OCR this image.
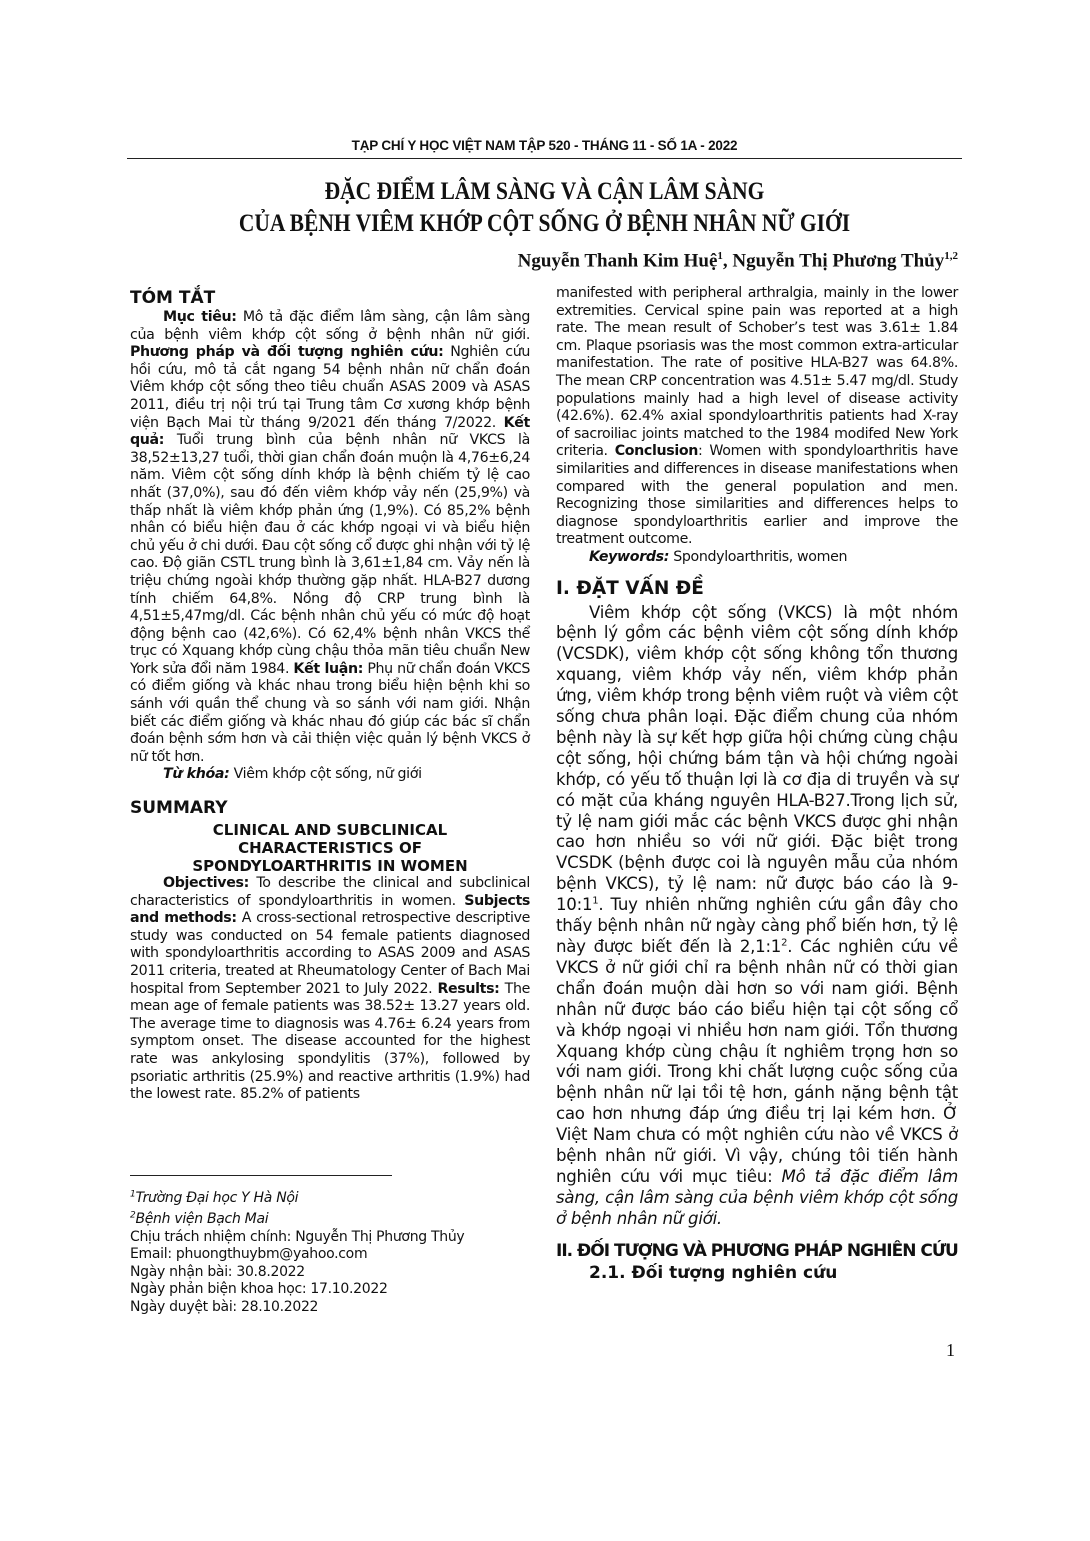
TẠP CHÍ Y HỌC VIỆT NAM TẬP 520 - THÁNG 11 - SỐ 1A - 2022
ĐẶC ĐIỂM LÂM SÀNG VÀ CẬN LÂM SÀNG
CỦA BỆNH VIÊM KHỚP CỘT SỐNG Ở BỆNH NHÂN NỮ GIỚI
Nguyễn Thanh Kim Huệ$^1$, Nguyễn Thị Phương Thủy$^{1,2}$
TÓM TẮT

Mục tiêu: Mô tả đặc điểm lâm sàng, cận lâm sàng của bệnh viêm khớp cột sống ở bệnh nhân nữ giới. Phương pháp và đối tượng nghiên cứu: Nghiên cứu hồi cứu, mô tả cắt ngang 54 bệnh nhân nữ chẩn đoán Viêm khớp cột sống theo tiêu chuẩn ASAS 2009 và ASAS 2011, điều trị nội trú tại Trung tâm Cơ xương khớp bệnh viện Bạch Mai từ tháng 9/2021 đến tháng 7/2022. Kết quả: Tuổi trung bình của bệnh nhân nữ VKCS là 38,52±13,27 tuổi, thời gian chẩn đoán muộn là 4,76±6,24 năm. Viêm cột sống dính khớp là bệnh chiếm tỷ lệ cao nhất (37,0%), sau đó đến viêm khớp vảy nến (25,9%) và thấp nhất là viêm khớp phản ứng (1,9%). Có 85,2% bệnh nhân có biểu hiện đau ở các khớp ngoại vi và biểu hiện chủ yếu ở chi dưới. Đau cột sống cổ được ghi nhận với tỷ lệ cao. Độ giãn CSTL trung bình là 3,61±1,84 cm. Vảy nến là triệu chứng ngoài khớp thường gặp nhất. HLA-B27 dương tính chiếm 64,8%. Nồng độ CRP trung bình là 4,51±5,47mg/dl. Các bệnh nhân chủ yếu có mức độ hoạt động bệnh cao (42,6%). Có 62,4% bệnh nhân VKCS thể trục có Xquang khớp cùng chậu thỏa mãn tiêu chuẩn New York sửa đổi năm 1984. Kết luận: Phụ nữ chẩn đoán VKCS có điểm giống và khác nhau trong biểu hiện bệnh khi so sánh với quần thể chung và so sánh với nam giới. Nhận biết các điểm giống và khác nhau đó giúp các bác sĩ chẩn đoán bệnh sớm hơn và cải thiện việc quản lý bệnh VKCS ở nữ tốt hơn.

Từ khóa: Viêm khớp cột sống, nữ giới

SUMMARY

CLINICAL AND SUBCLINICAL

CHARACTERISTICS OF

SPONDYLOARTHRITIS IN WOMEN

Objectives: To describe the clinical and subclinical characteristics of spondyloarthritis in women. Subjects and methods: A cross-sectional retrospective descriptive study was conducted on 54 female patients diagnosed with spondyloarthritis according to ASAS 2009 and ASAS 2011 criteria, treated at Rheumatology Center of Bach Mai hospital from September 2021 to July 2022. Results: The mean age of female patients was 38.52± 13.27 years old. The average time to diagnosis was 4.76± 6.24 years from symptom onset. The disease accounted for the highest rate was ankylosing spondylitis (37%), followed by psoriatic arthritis (25.9%) and reactive arthritis (1.9%) had the lowest rate. 85.2% of patients

$^1$Trường Đại học Y Hà Nội
$^2$Bệnh viện Bạch Mai
Chịu trách nhiệm chính: Nguyễn Thị Phương Thủy
Email: phuongthuybm@yahoo.com
Ngày nhận bài: 30.8.2022
Ngày phản biện khoa học: 17.10.2022
Ngày duyệt bài: 28.10.2022

manifested with peripheral arthralgia, mainly in the lower extremities. Cervical spine pain was reported at a high rate. The mean result of Schober’s test was 3.61± 1.84 cm. Plaque psoriasis was the most common extra-articular manifestation. The rate of positive HLA-B27 was 64.8%. The mean CRP concentration was 4.51± 5.47 mg/dl. Study populations mainly had a high level of disease activity (42.6%). 62.4% axial spondyloarthritis patients had X-ray of sacroiliac joints matched to the 1984 modifed New York criteria. Conclusion: Women with spondyloarthritis have similarities and differences in disease manifestations when compared with the general population and men. Recognizing those similarities and differences helps to diagnose spondyloarthritis earlier and improve the treatment outcome.

Keywords: Spondyloarthritis, women

I. ĐẶT VẤN ĐỀ

Viêm khớp cột sống (VKCS) là một nhóm bệnh lý gồm các bệnh viêm cột sống dính khớp (VCSDK), viêm khớp cột sống không tổn thương xquang, viêm khớp vảy nến, viêm khớp phản ứng, viêm khớp trong bệnh viêm ruột và viêm cột sống chưa phân loại. Đặc điểm chung của nhóm bệnh này là sự kết hợp giữa hội chứng cùng chậu cột sống, hội chứng bám tận và hội chứng ngoài khớp, có yếu tố thuận lợi là cơ địa di truyền và sự có mặt của kháng nguyên HLA-B27.Trong lịch sử, tỷ lệ nam giới mắc các bệnh VKCS được ghi nhận cao hơn nhiều so với nữ giới. Đặc biệt trong VCSDK (bệnh được coi là nguyên mẫu của nhóm bệnh VKCS), tỷ lệ nam: nữ được báo cáo là $9-10:1^1$. Tuy nhiên những nghiên cứu gần đây cho thấy bệnh nhân nữ ngày càng phổ biến hơn, tỷ lệ này được biết đến là $2,1:1^2$. Các nghiên cứu về VKCS ở nữ giới chỉ ra bệnh nhân nữ có thời gian chẩn đoán muộn dài hơn so với nam giới. Bệnh nhân nữ được báo cáo biểu hiện tại cột sống cổ và khớp ngoại vi nhiều hơn nam giới. Tổn thương Xquang khớp cùng chậu ít nghiêm trọng hơn so với nam giới. Trong khi chất lượng cuộc sống của bệnh nhân nữ lại tồi tệ hơn, gánh nặng bệnh tật cao hơn nhưng đáp ứng điều trị lại kém hơn. Ở Việt Nam chưa có một nghiên cứu nào về VKCS ở bệnh nhân nữ giới. Vì vậy, chúng tôi tiến hành nghiên cứu với mục tiêu: Mô tả đặc điểm lâm sàng, cận lâm sàng của bệnh viêm khớp cột sống ở bệnh nhân nữ giới.

II. ĐỐI TƯỢNG VÀ PHƯƠNG PHÁP NGHIÊN CỨU

2.1. Đối tượng nghiên cứu

1
